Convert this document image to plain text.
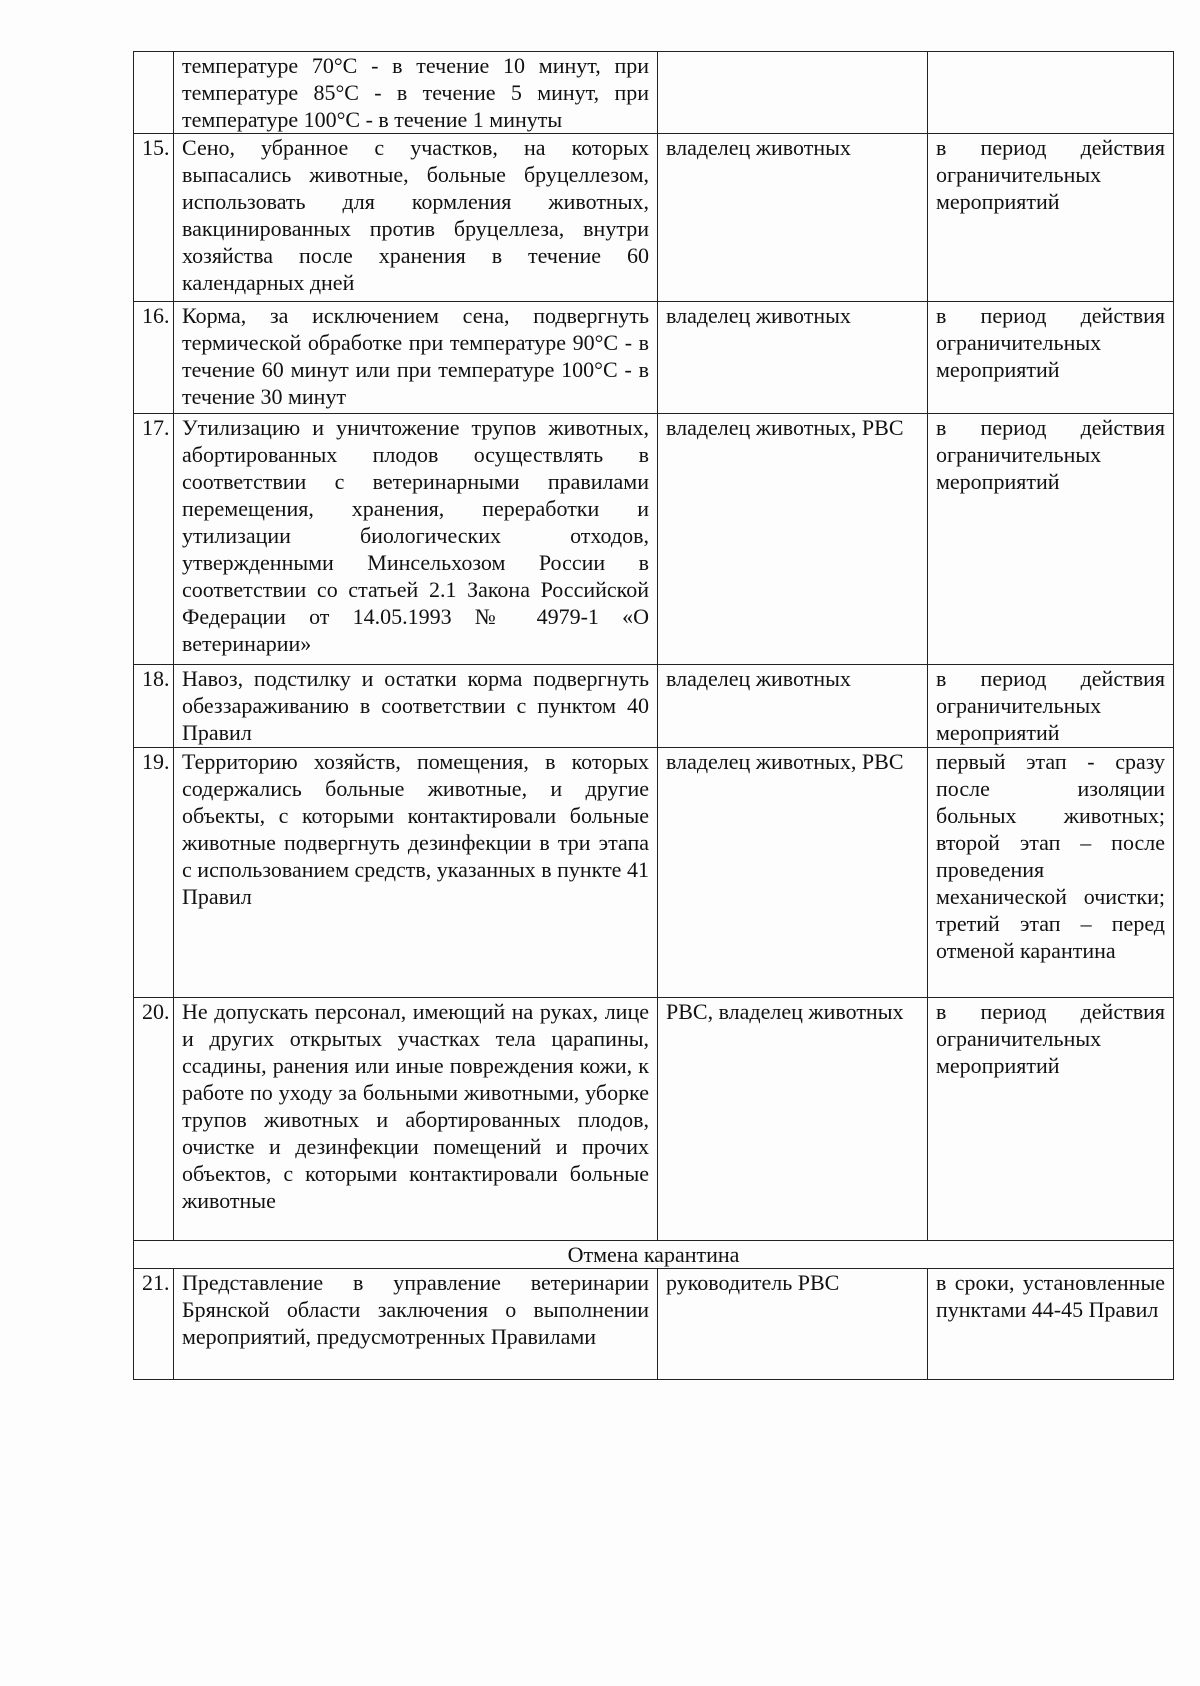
	температуре 70°С - в течение 10 минут, при температуре 85°С - в течение 5 минут, при температуре 100°С - в течение 1 минуты		
15.	Сено, убранное с участков, на которых выпасались животные, больные бруцеллезом, использовать для кормления животных, вакцинированных против бруцеллеза, внутри хозяйства после хранения в течение 60 календарных дней	владелец животных	в период действия ограничительных мероприятий
16.	Корма, за исключением сена, подвергнуть термической обработке при температуре 90°С - в течение 60 минут или при температуре 100°С - в течение 30 минут	владелец животных	в период действия ограничительных мероприятий
17.	Утилизацию и уничтожение трупов животных, абортированных плодов осуществлять в соответствии с ветеринарными правилами перемещения, хранения, переработки и утилизации биологических отходов, утвержденными Минсельхозом России в соответствии со статьей 2.1 Закона Российской Федерации от 14.05.1993 № 4979-1 «О ветеринарии»	владелец животных, РВС	в период действия ограничительных мероприятий
18.	Навоз, подстилку и остатки корма подвергнуть обеззараживанию в соответствии с пунктом 40 Правил	владелец животных	в период действия ограничительных мероприятий
19.	Территорию хозяйств, помещения, в которых содержались больные животные, и другие объекты, с которыми контактировали больные животные подвергнуть дезинфекции в три этапа с использованием средств, указанных в пункте 41 Правил	владелец животных, РВС	первый этап - сразу после изоляции больных животных; второй этап – после проведения механической очистки; третий этап – перед отменой карантина
20.	Не допускать персонал, имеющий на руках, лице и других открытых участках тела царапины, ссадины, ранения или иные повреждения кожи, к работе по уходу за больными животными, уборке трупов животных и абортированных плодов, очистке и дезинфекции помещений и прочих объектов, с которыми контактировали больные животные	РВС, владелец животных	в период действия ограничительных мероприятий
Отмена карантина			
21.	Представление в управление ветеринарии Брянской области заключения о выполнении мероприятий, предусмотренных Правилами	руководитель РВС	в сроки, установленные пунктами 44-45 Правил
